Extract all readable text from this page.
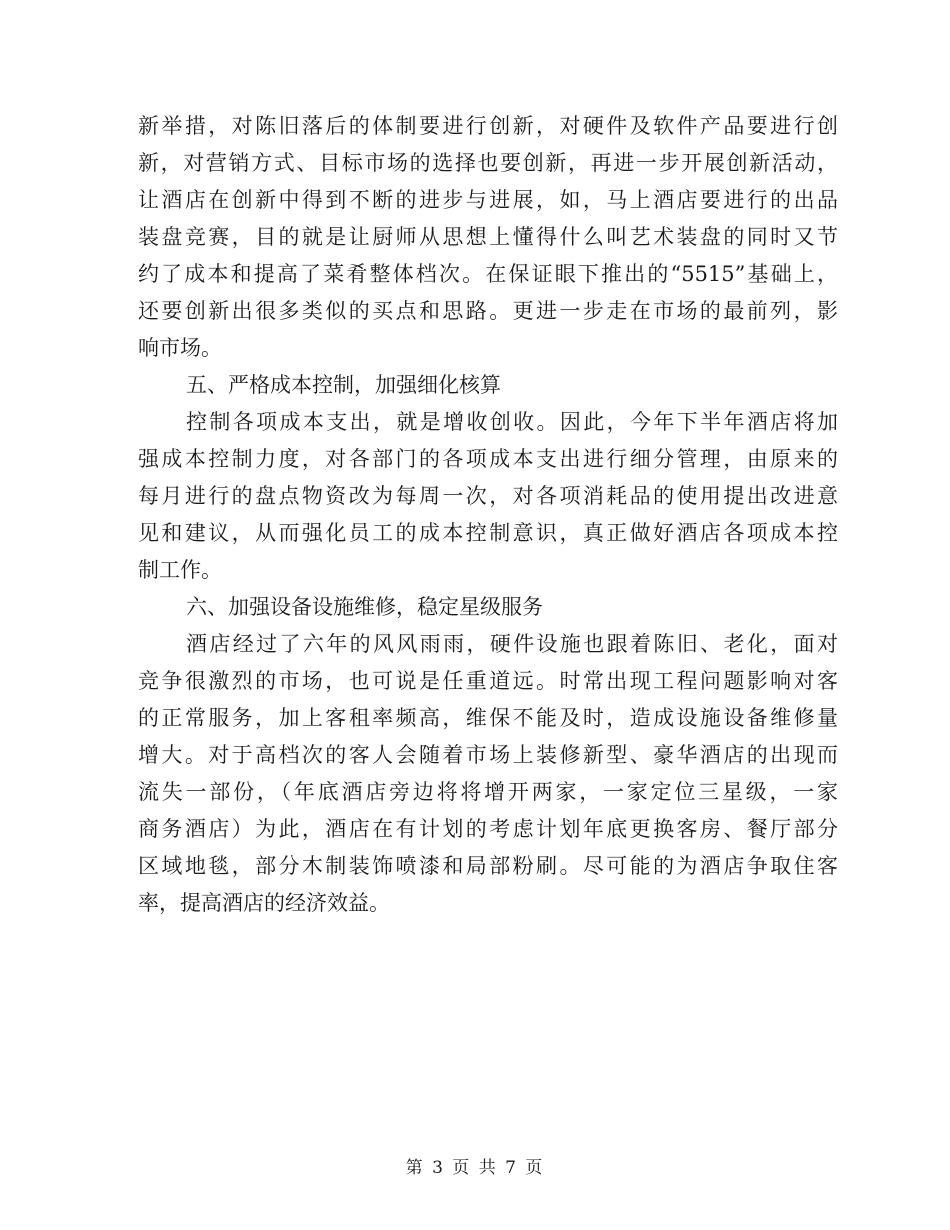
新举措，对陈旧落后的体制要进行创新，对硬件及软件产品要进行创
新，对营销方式、目标市场的选择也要创新，再进一步开展创新活动，
让酒店在创新中得到不断的进步与进展，如，马上酒店要进行的出品
装盘竞赛，目的就是让厨师从思想上懂得什么叫艺术装盘的同时又节
约了成本和提高了菜肴整体档次。在保证眼下推出的“5515”基础上，
还要创新出很多类似的买点和思路。更进一步走在市场的最前列，影
响市场。
五、严格成本控制，加强细化核算
控制各项成本支出，就是增收创收。因此，今年下半年酒店将加
强成本控制力度，对各部门的各项成本支出进行细分管理，由原来的
每月进行的盘点物资改为每周一次，对各项消耗品的使用提出改进意
见和建议，从而强化员工的成本控制意识，真正做好酒店各项成本控
制工作。
六、加强设备设施维修，稳定星级服务
酒店经过了六年的风风雨雨，硬件设施也跟着陈旧、老化，面对
竞争很激烈的市场，也可说是任重道远。时常出现工程问题影响对客
的正常服务，加上客租率频高，维保不能及时，造成设施设备维修量
增大。对于高档次的客人会随着市场上装修新型、豪华酒店的出现而
流失一部份，（年底酒店旁边将将增开两家，一家定位三星级，一家
商务酒店）为此，酒店在有计划的考虑计划年底更换客房、餐厅部分
区域地毯，部分木制装饰喷漆和局部粉刷。尽可能的为酒店争取住客
率，提高酒店的经济效益。
第 3 页 共 7 页
